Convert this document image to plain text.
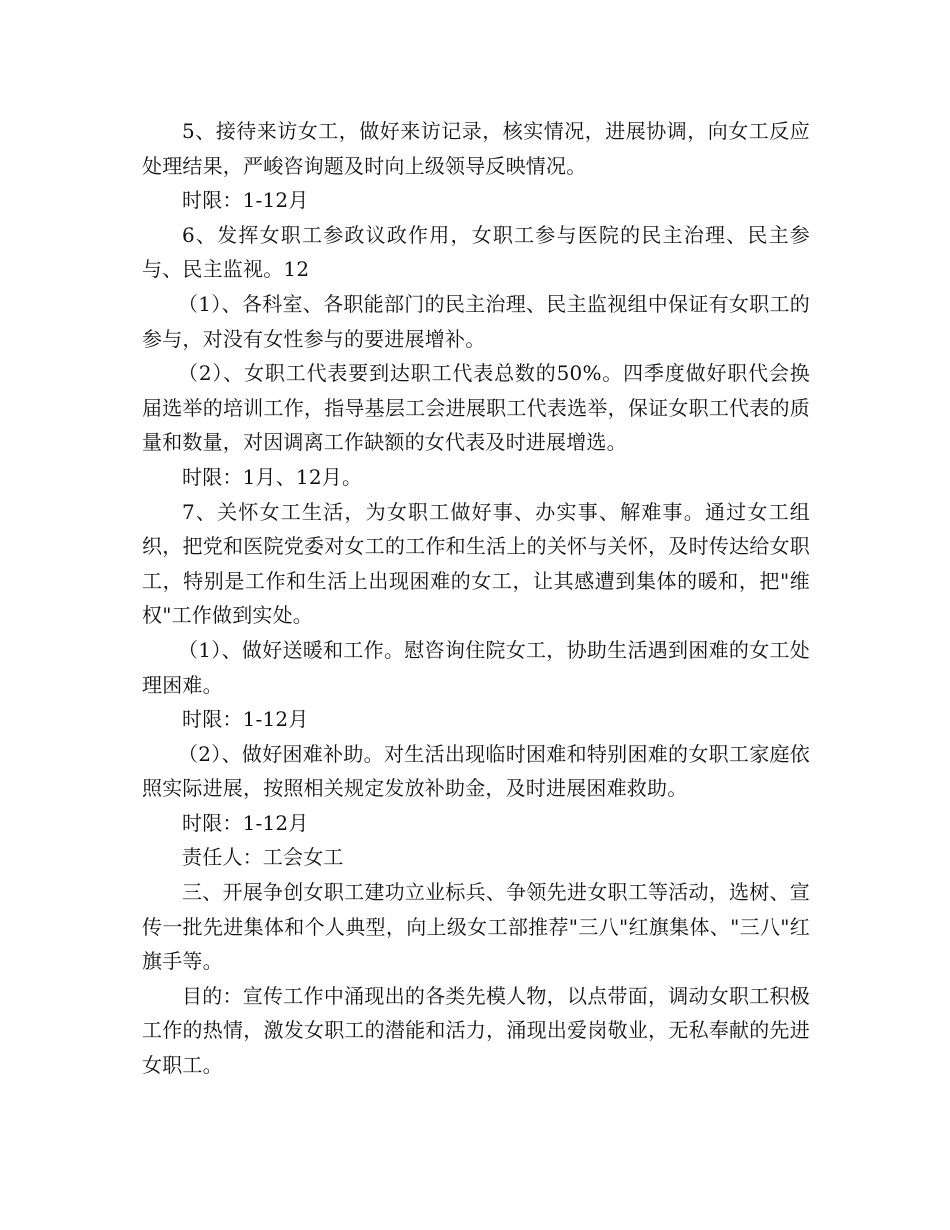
5、接待来访女工，做好来访记录，核实情况，进展协调，向女工反应处理结果，严峻咨询题及时向上级领导反映情况。

时限：1-12月

6、发挥女职工参政议政作用，女职工参与医院的民主治理、民主参与、民主监视。12

（1）、各科室、各职能部门的民主治理、民主监视组中保证有女职工的参与，对没有女性参与的要进展增补。

（2）、女职工代表要到达职工代表总数的50%。四季度做好职代会换届选举的培训工作，指导基层工会进展职工代表选举，保证女职工代表的质量和数量，对因调离工作缺额的女代表及时进展增选。

时限：1月、12月。

7、关怀女工生活，为女职工做好事、办实事、解难事。通过女工组织，把党和医院党委对女工的工作和生活上的关怀与关怀，及时传达给女职工，特别是工作和生活上出现困难的女工，让其感遭到集体的暖和，把"维权"工作做到实处。

（1）、做好送暖和工作。慰咨询住院女工，协助生活遇到困难的女工处理困难。

时限：1-12月

（2）、做好困难补助。对生活出现临时困难和特别困难的女职工家庭依照实际进展，按照相关规定发放补助金，及时进展困难救助。

时限：1-12月

责任人：工会女工

三、开展争创女职工建功立业标兵、争领先进女职工等活动，选树、宣传一批先进集体和个人典型，向上级女工部推荐"三八"红旗集体、"三八"红旗手等。

目的：宣传工作中涌现出的各类先模人物，以点带面，调动女职工积极工作的热情，激发女职工的潜能和活力，涌现出爱岗敬业，无私奉献的先进女职工。
